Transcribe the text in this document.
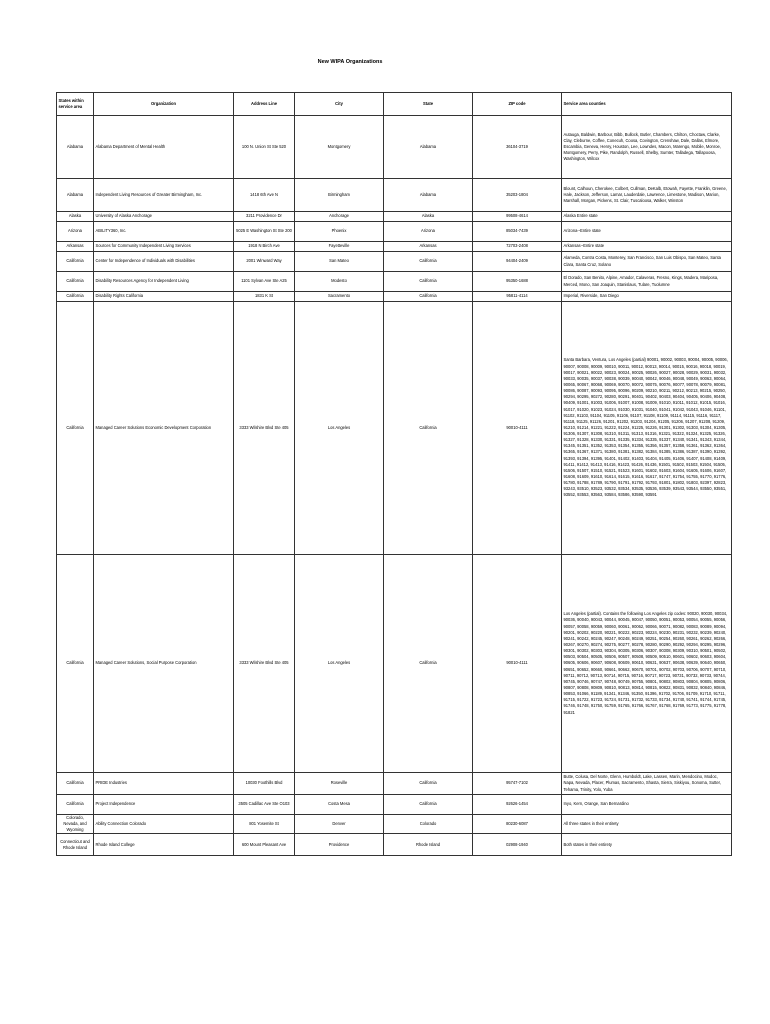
New WIPA Organizations
States within service area	Organization	Address Line	City	State	ZIP code	Service area counties
Alabama	Alabama Department of Mental Health	100 N. Union St Ste 520	Montgomery	Alabama	36104-3719	Autauga, Baldwin, Barbour, Bibb, Bullock, Butler, Chambers, Chilton, Choctaw, Clarke, Clay, Cleburne, Coffee, Conecuh, Coosa, Covington, Crenshaw, Dale, Dallas, Elmore, Escambia, Geneva, Henry, Houston, Lee, Lowndes, Macon, Marengo, Mobile, Monroe, Montgomery, Perry, Pike, Randolph, Russell, Shelby, Sumter, Talladega, Tallapoosa, Washington, Wilcox
Alabama	Independent Living Resources of Greater Birmingham, Inc.	1418 6th Ave N	Birmingham	Alabama	35203-1804	Blount, Calhoun, Cherokee, Colbert, Cullman, DeKalb, Etowah, Fayette, Franklin, Greene, Hale, Jackson, Jefferson, Lamar, Lauderdale, Lawrence, Limestone, Madison, Marion, Marshall, Morgan, Pickens, St. Clair, Tuscaloosa, Walker, Winston
Alaska	University of Alaska Anchorage	3211 Providence Dr	Anchorage	Alaska	99508-4614	Alaska Entire state
Arizona	ABILITY360, Inc.	5025 E Washington St Ste 200	Phoenix	Arizona	85034-7439	Arizona--Entire state
Arkansas	Sources for Community Independent Living Services	1918 N Birch Ave	Fayetteville	Arkansas	72703-2408	Arkansas--Entire state
California	Center for Independence of Individuals with Disabilities	2001 Winward Way	San Mateo	California	94404-2409	Alameda, Contra Costa, Monterey, San Francisco, San Luis Obispo, San Mateo, Santa Clara, Santa Cruz, Solano
California	Disability Resources Agency for Independent Living	1101 Sylvan Ave Ste A25	Modesto	California	95350-1688	El Dorado, San Benito, Alpine, Amador, Calaveras, Fresno, Kings, Madera, Mariposa, Merced, Mono, San Joaquin, Stanislaus, Tulare, Tuolumne
California	Disability Rights California	1831 K St	Sacramento	California	95811-4114	Imperial, Riverside, San Diego
California	Managed Career Solutions Economic Development Corporation	3333 Wilshire Blvd Ste 405	Los Angeles	California	90010-4111	Santa Barbara, Ventura, Los Angeles (partial) 90001, 90002, 90003, 90004, 90005, 90006, 90007, 90008, 90009, 90010, 90011, 90012, 90013, 90014, 90015, 90016, 90018, 90019, 90017, 90021, 90022, 90023, 90024, 90025, 90026, 90027, 90028, 90029, 90031, 90032, 90033, 90035, 90037, 90038, 90039, 90040, 90042, 90046, 90048, 90049, 90063, 90064, 90065, 90067, 90068, 90069, 90070, 90072, 90075, 90076, 90077, 90078, 90079, 90081, 90086, 90087, 90093, 90095, 90096, 90209, 90210, 90211, 90212, 90213, 90215, 90250, 90294, 90295, 90272, 90280, 90291, 90401, 90402, 90403, 90404, 90405, 90406, 90408, 90409, 91001, 91003, 91006, 91007, 91008, 91009, 91010, 91011, 91012, 91015, 91016, 91017, 91020, 91023, 91024, 91030, 91031, 91040, 91041, 91042, 91043, 91046, 91101, 91102, 91103, 91104, 91105, 91106, 91107, 91108, 91109, 91114, 91115, 91116, 91117, 91118, 91125, 91126, 91201, 91202, 91203, 91204, 91205, 91206, 91207, 91208, 91209, 91210, 91214, 91221, 91222, 91224, 91225, 91226, 91301, 91302, 91303, 91304, 91305, 91306, 91307, 91308, 91310, 91311, 91313, 91316, 91321, 91322, 91324, 91325, 91326, 91327, 91328, 91330, 91331, 91335, 91334, 91335, 91337, 91340, 91341, 91343, 91344, 91345, 91351, 91352, 91353, 91354, 91355, 91356, 91357, 91358, 91361, 91362, 91364, 91365, 91367, 91371, 91380, 91381, 91382, 91384, 91385, 91386, 91387, 91390, 91392, 91393, 91394, 91395, 91401, 91402, 91403, 91404, 91405, 91406, 91407, 91408, 91409, 91411, 91412, 91413, 91416, 91423, 91426, 91436, 91501, 91502, 91503, 91504, 91505, 91506, 91507, 91510, 91521, 91523, 91601, 91602, 91603, 91604, 91605, 91606, 91607, 91608, 91609, 91610, 91614, 91615, 91616, 91617, 91747, 91754, 91755, 91770, 91776, 91780, 91788, 91789, 91790, 91791, 91792, 91793, 91801, 91802, 91803, 92397, 92823, 93243, 93510, 93523, 93532, 93534, 93535, 93536, 93539, 93543, 93544, 93550, 93551, 93552, 93553, 93563, 93584, 93586, 93590, 93591
California	Managed Career Solutions, Social Purpose Corporation	3333 Wilshire Blvd Ste 405	Los Angeles	California	90010-4111	Los Angeles (partial). Contains the following Los Angeles zip codes: 90020, 90030, 90034, 90036, 90040, 90043, 90044, 90045, 90047, 90050, 90051, 90053, 90054, 90055, 90056, 90057, 90058, 90059, 90060, 90061, 90062, 90066, 90071, 90082, 90083, 90089, 90094, 90201, 90202, 90220, 90221, 90222, 90223, 90224, 90230, 90231, 90232, 90239, 90240, 90241, 90242, 90245, 90247, 90248, 90249, 90251, 90254, 90260, 90261, 90262, 90266, 90267, 90270, 90274, 90275, 90277, 90278, 90280, 90290, 90292, 90294, 90295, 90296, 90301, 90302, 90303, 90304, 90305, 90306, 90307, 90308, 90309, 90310, 90501, 90502, 90503, 90504, 90505, 90506, 90507, 90508, 90509, 90510, 90601, 90602, 90603, 90604, 90605, 90606, 90607, 90608, 90609, 90610, 90631, 90637, 90638, 90639, 90640, 90650, 90651, 90652, 90660, 90661, 90662, 90670, 90701, 90702, 90703, 90706, 90707, 90710, 90711, 90712, 90713, 90714, 90715, 90716, 90717, 90723, 90731, 90732, 90733, 90744, 90745, 90746, 90747, 90748, 90749, 90755, 90801, 90802, 90803, 90804, 90805, 90806, 90807, 90808, 90809, 90810, 90813, 90814, 90815, 90822, 90831, 90832, 90840, 90846, 90853, 91066, 91189, 91341, 91346, 91350, 91396, 91702, 91706, 91709, 91710, 91711, 91715, 91722, 91723, 91724, 91731, 91732, 91733, 91734, 91740, 91741, 91744, 91745, 91746, 91748, 91750, 91759, 91765, 91766, 91767, 91768, 91769, 91773, 91775, 91778, 91821
California	PRIDE Industries	10030 Foothills Blvd	Roseville	California	95747-7102	Butte, Colusa, Del Norte, Glenn, Humboldt, Lake, Lassen, Marin, Mendocino, Modoc, Napa, Nevada, Placer, Plumas, Sacramento, Shasta, Sierra, Siskiyou, Sonoma, Sutter, Tehama, Trinity, Yolo, Yuba
California	Project Independence	3505 Cadillac Ave Ste O103	Costa Mesa	California	92626-1454	Inyo, Kern, Orange, San Bernardino
Colorado, Nevada, and Wyoming	Ability Connection Colorado	801 Yosemite St	Denver	Colorado	80230-6087	All three states in their entirety
Connecticut and Rhode Island	Rhode Island College	600 Mount Pleasant Ave	Providence	Rhode Island	02908-1940	Both states in their entirety
